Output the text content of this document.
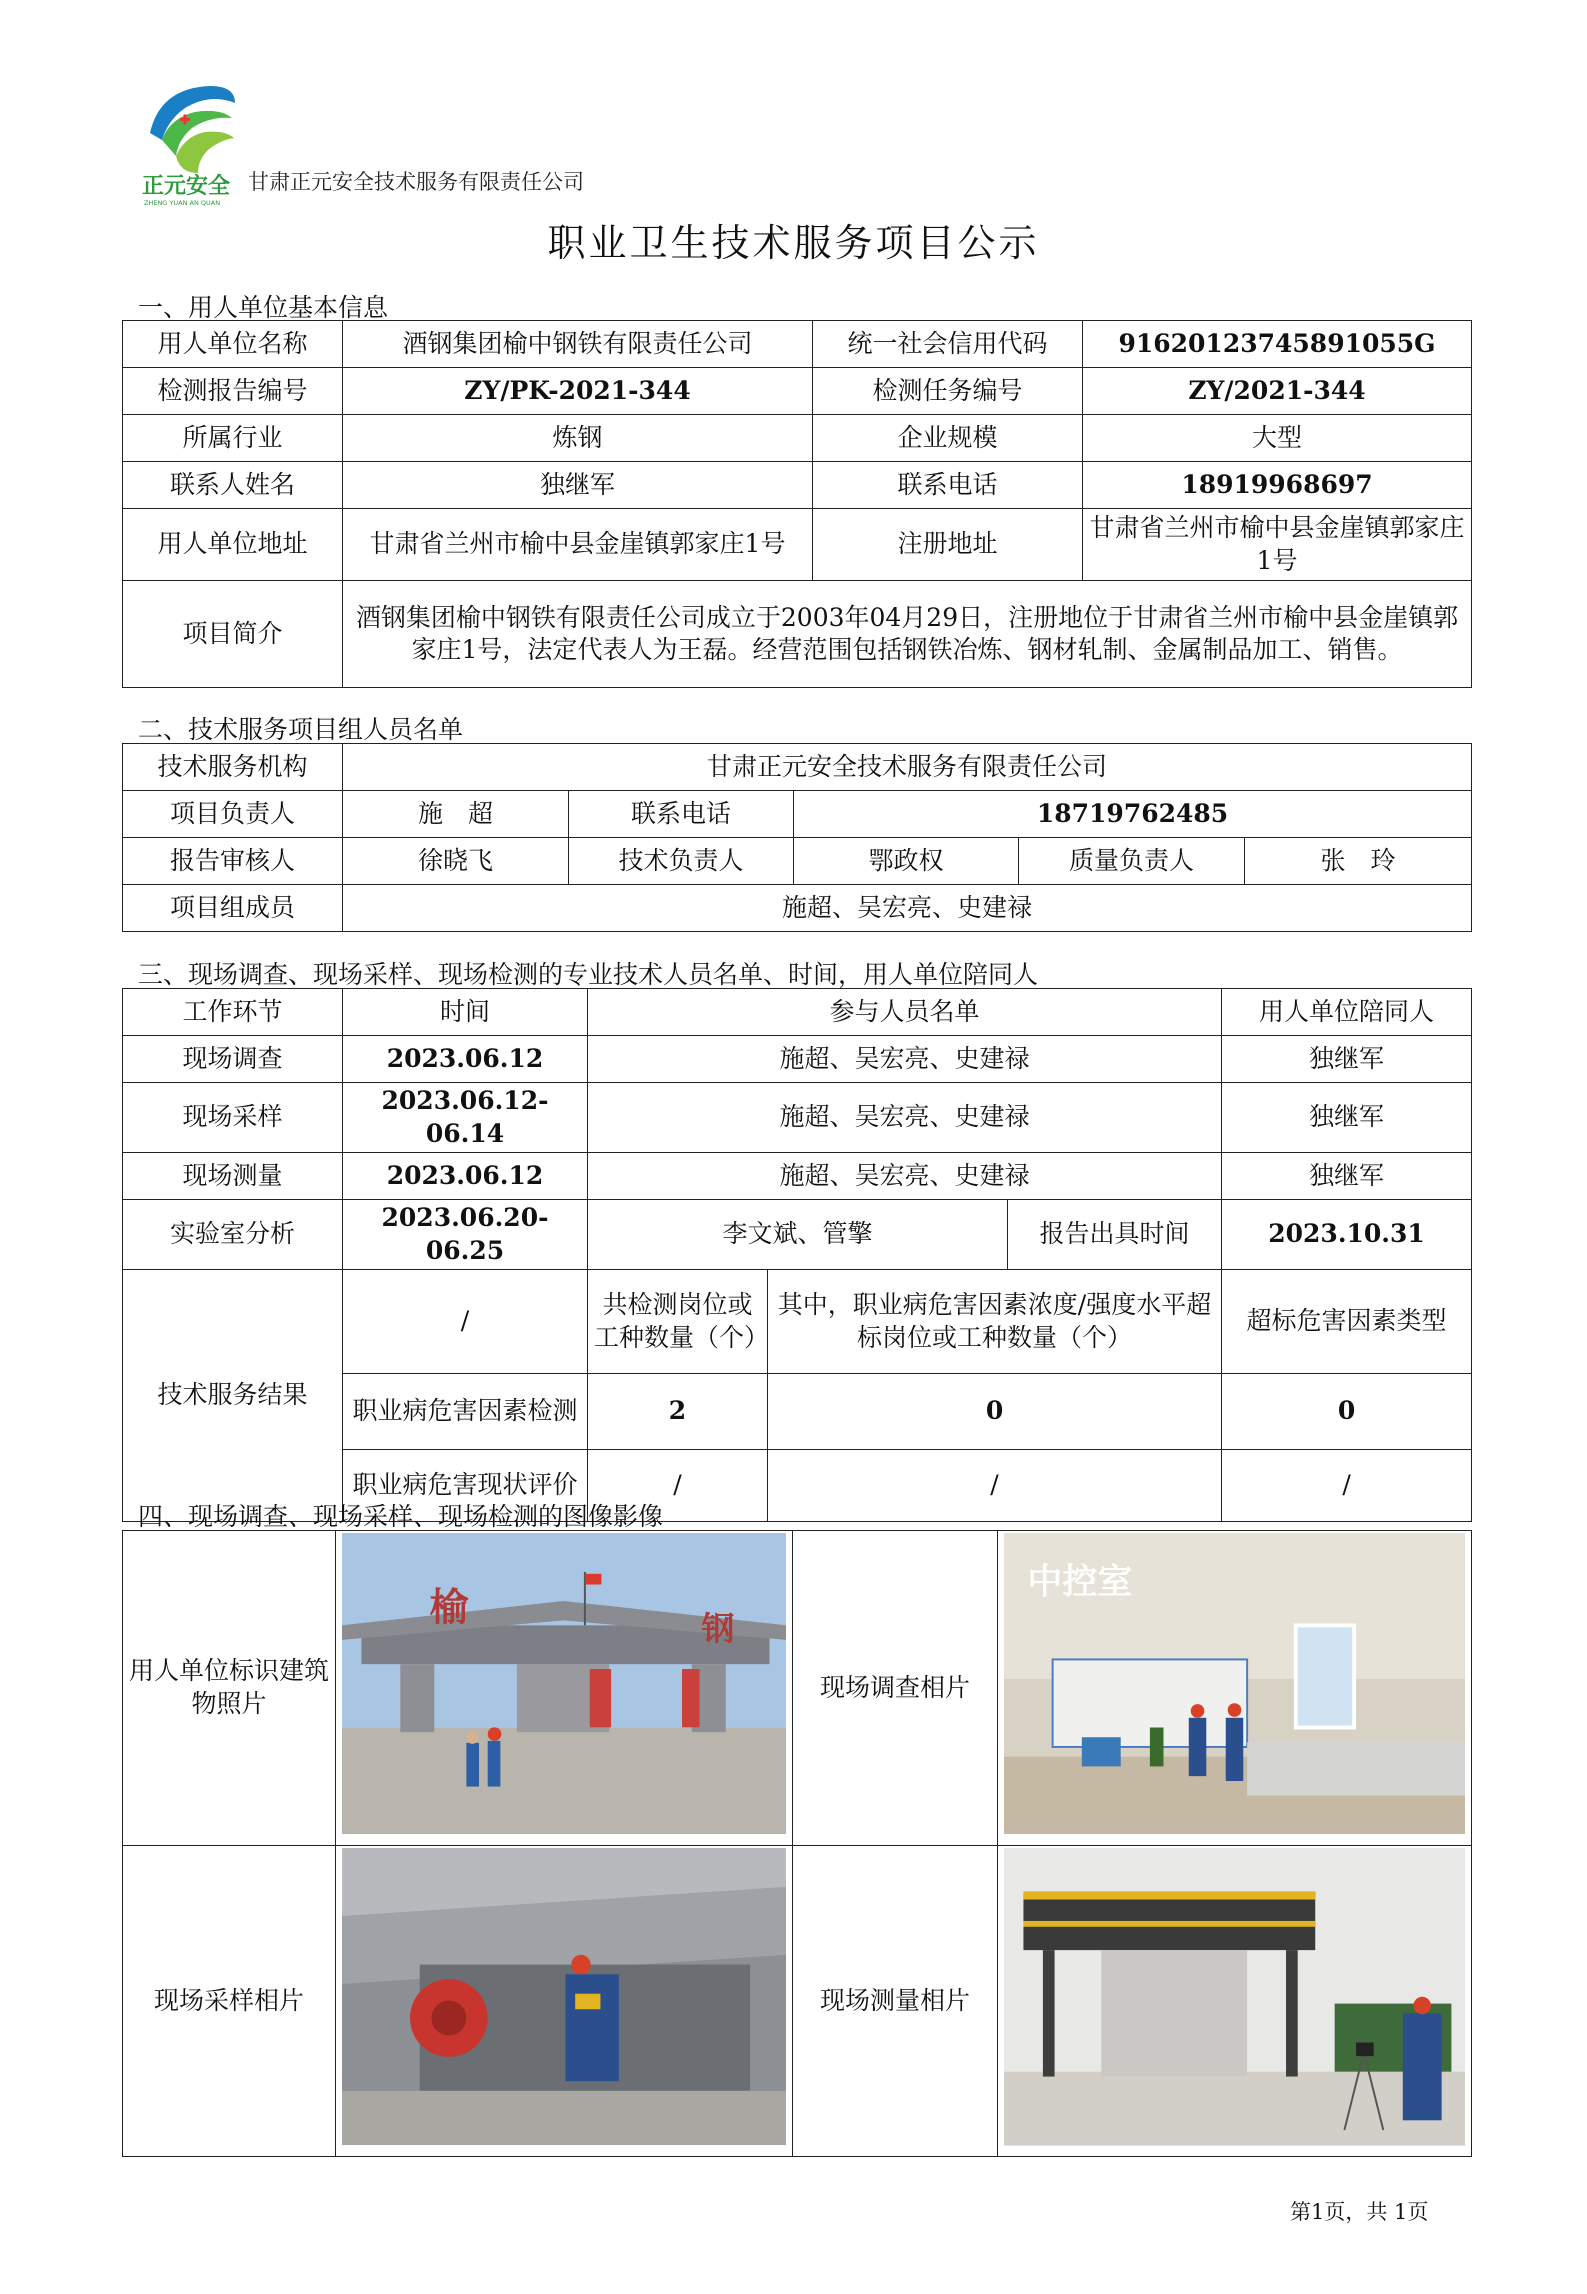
正元安全
ZHENG YUAN AN QUAN
甘肃正元安全技术服务有限责任公司
职业卫生技术服务项目公示
一、用人单位基本信息
用人单位名称	酒钢集团榆中钢铁有限责任公司	统一社会信用代码	91620123745891055G
检测报告编号	ZY/PK-2021-344	检测任务编号	ZY/2021-344
所属行业	炼钢	企业规模	大型
联系人姓名	独继军	联系电话	18919968697
用人单位地址	甘肃省兰州市榆中县金崖镇郭家庄1号	注册地址	甘肃省兰州市榆中县金崖镇郭家庄1号
项目简介	酒钢集团榆中钢铁有限责任公司成立于2003年04月29日，注册地位于甘肃省兰州市榆中县金崖镇郭家庄1号，法定代表人为王磊。经营范围包括钢铁冶炼、钢材轧制、金属制品加工、销售。		
二、技术服务项目组人员名单
技术服务机构	甘肃正元安全技术服务有限责任公司				
项目负责人	施　超	联系电话	18719762485		
报告审核人	徐晓飞	技术负责人	鄂政权	质量负责人	张　玲
项目组成员	施超、吴宏亮、史建禄				
三、现场调查、现场采样、现场检测的专业技术人员名单、时间，用人单位陪同人
工作环节	时间	参与人员名单			用人单位陪同人
现场调查	2023.06.12	施超、吴宏亮、史建禄			独继军
现场采样	2023.06.12-06.14	施超、吴宏亮、史建禄			独继军
现场测量	2023.06.12	施超、吴宏亮、史建禄			独继军
实验室分析	2023.06.20-06.25	李文斌、管擎		报告出具时间	2023.10.31
技术服务结果	/	共检测岗位或工种数量（个）	其中，职业病危害因素浓度/强度水平超标岗位或工种数量（个）		超标危害因素类型
	职业病危害因素检测	2	0		0
	职业病危害现状评价	/	/		/
四、现场调查、现场采样、现场检测的图像影像
用人单位标识建筑物照片	榆 钢	现场调查相片	中控室

现场采样相片		现场测量相片	
第1页，共 1页
